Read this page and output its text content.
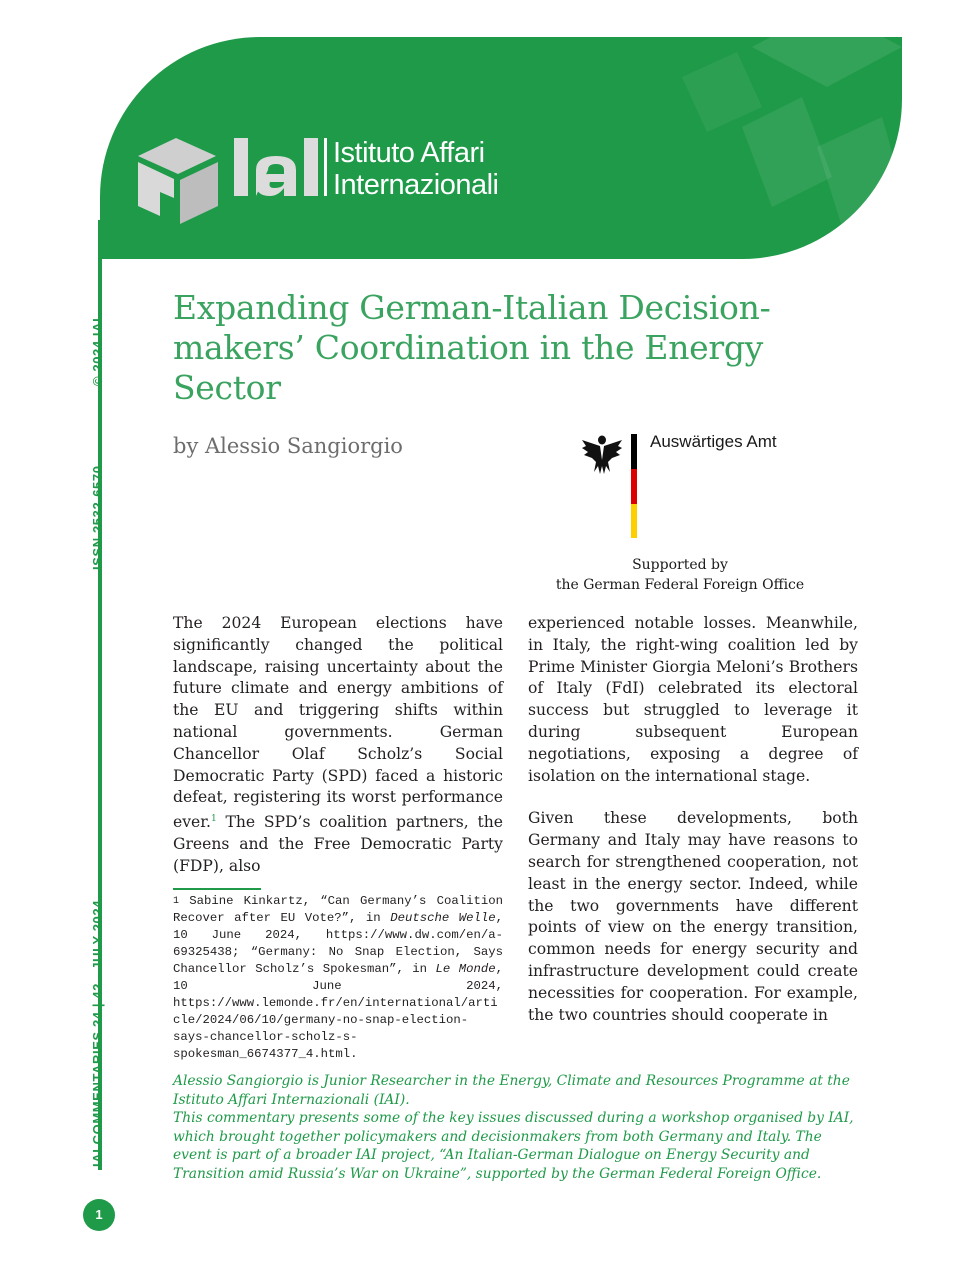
Istituto Affari
Internazionali
© 2024 IAI
ISSN 2532-6570
IAI COMMENTARIES 24 | 42 - JULY 2024
Expanding German-Italian Decision-makers’ Coordination in the Energy Sector
by Alessio Sangiorgio	Auswärtiges Amt
Supported by
the German Federal Foreign Office

The 2024 European elections have significantly changed the political landscape, raising uncertainty about the future climate and energy ambitions of the EU and triggering shifts within national governments. German Chancellor Olaf Scholz’s Social Democratic Party (SPD) faced a historic defeat, registering its worst performance ever.$^1$ The SPD’s coalition partners, the Greens and the Free Democratic Party (FDP), also

experienced notable losses. Meanwhile, in Italy, the right-wing coalition led by Prime Minister Giorgia Meloni’s Brothers of Italy (FdI) celebrated its electoral success but struggled to leverage it during subsequent European negotiations, exposing a degree of isolation on the international stage.

Given these developments, both Germany and Italy may have reasons to search for strengthened cooperation, not least in the energy sector. Indeed, while the two governments have different points of view on the energy transition, common needs for energy security and infrastructure development could create necessities for cooperation. For example, the two countries should cooperate in

$^1$ Sabine Kinkartz, “Can Germany’s Coalition Recover after EU Vote?”, in Deutsche Welle, 10 June 2024, https://www.dw.com/en/a-69325438; “Germany: No Snap Election, Says Chancellor Scholz’s Spokesman”, in Le Monde, 10 June 2024, https://www.lemonde.fr/en/international/article/2024/06/10/germany-no-snap-election-says-chancellor-scholz-s-spokesman_6674377_4.html.

Alessio Sangiorgio is Junior Researcher in the Energy, Climate and Resources Programme at the Istituto Affari Internazionali (IAI).

This commentary presents some of the key issues discussed during a workshop organised by IAI, which brought together policymakers and decisionmakers from both Germany and Italy. The event is part of a broader IAI project, “An Italian-German Dialogue on Energy Security and Transition amid Russia’s War on Ukraine”, supported by the German Federal Foreign Office.

1
